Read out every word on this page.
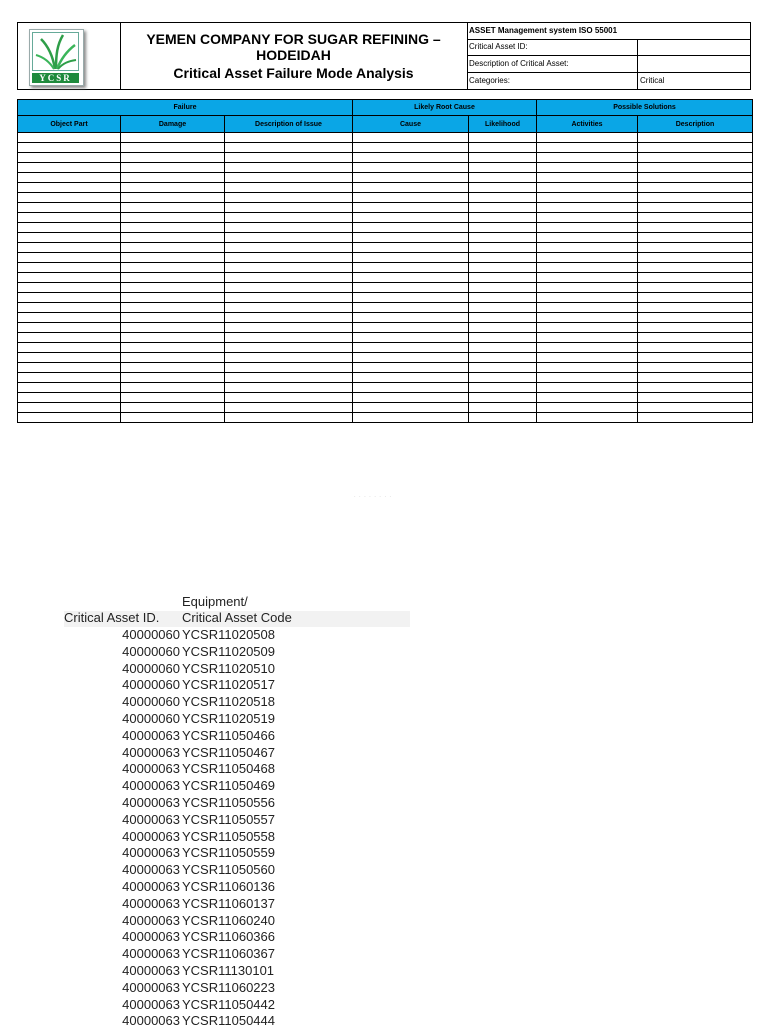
YCSR
YEMEN COMPANY FOR SUGAR REFINING –
HODEIDAH
Critical Asset Failure Mode Analysis
ASSET Management system ISO 55001
Critical Asset ID:
Description of Critical Asset:
Categories:	Critical
Failure			Likely Root Cause		Possible Solutions	
Object Part	Damage	Description of Issue	Cause	Likelihood	Activities	Description

· · · · · · · ·
Equipment/
Critical Asset ID. Critical Asset Code
40000060 YCSR11020508
40000060 YCSR11020509
40000060 YCSR11020510
40000060 YCSR11020517
40000060 YCSR11020518
40000060 YCSR11020519
40000063 YCSR11050466
40000063 YCSR11050467
40000063 YCSR11050468
40000063 YCSR11050469
40000063 YCSR11050556
40000063 YCSR11050557
40000063 YCSR11050558
40000063 YCSR11050559
40000063 YCSR11050560
40000063 YCSR11060136
40000063 YCSR11060137
40000063 YCSR11060240
40000063 YCSR11060366
40000063 YCSR11060367
40000063 YCSR11130101
40000063 YCSR11060223
40000063 YCSR11050442
40000063 YCSR11050444
